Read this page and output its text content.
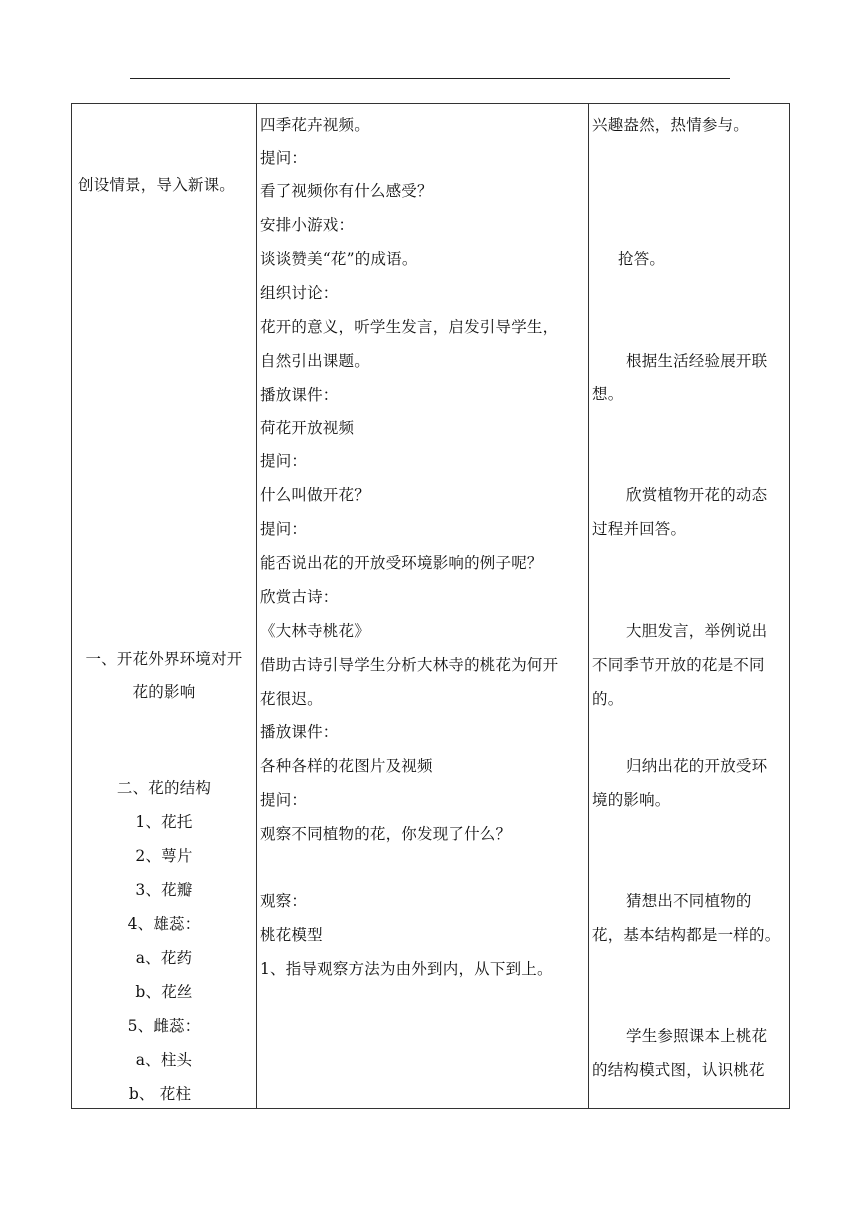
创设情景，导入新课。
一、开花外界环境对开
花的影响
二、花的结构
1、花托
2、萼片
3、花瓣
4、雄蕊：
a、花药
b、花丝
5、雌蕊：
a、柱头
b、 花柱
四季花卉视频。
提问：
看了视频你有什么感受？
安排小游戏：
谈谈赞美“花”的成语。
组织讨论：
花开的意义，听学生发言，启发引导学生，
自然引出课题。
播放课件：
荷花开放视频
提问：
什么叫做开花？
提问：
能否说出花的开放受环境影响的例子呢？
欣赏古诗：
《大林寺桃花》
借助古诗引导学生分析大林寺的桃花为何开
花很迟。
播放课件：
各种各样的花图片及视频
提问：
观察不同植物的花，你发现了什么？
观察：
桃花模型
1、指导观察方法为由外到内，从下到上。
兴趣盎然，热情参与。
抢答。
根据生活经验展开联
想。
欣赏植物开花的动态
过程并回答。
大胆发言，举例说出
不同季节开放的花是不同
的。
归纳出花的开放受环
境的影响。
猜想出不同植物的
花，基本结构都是一样的。
学生参照课本上桃花
的结构模式图，认识桃花
